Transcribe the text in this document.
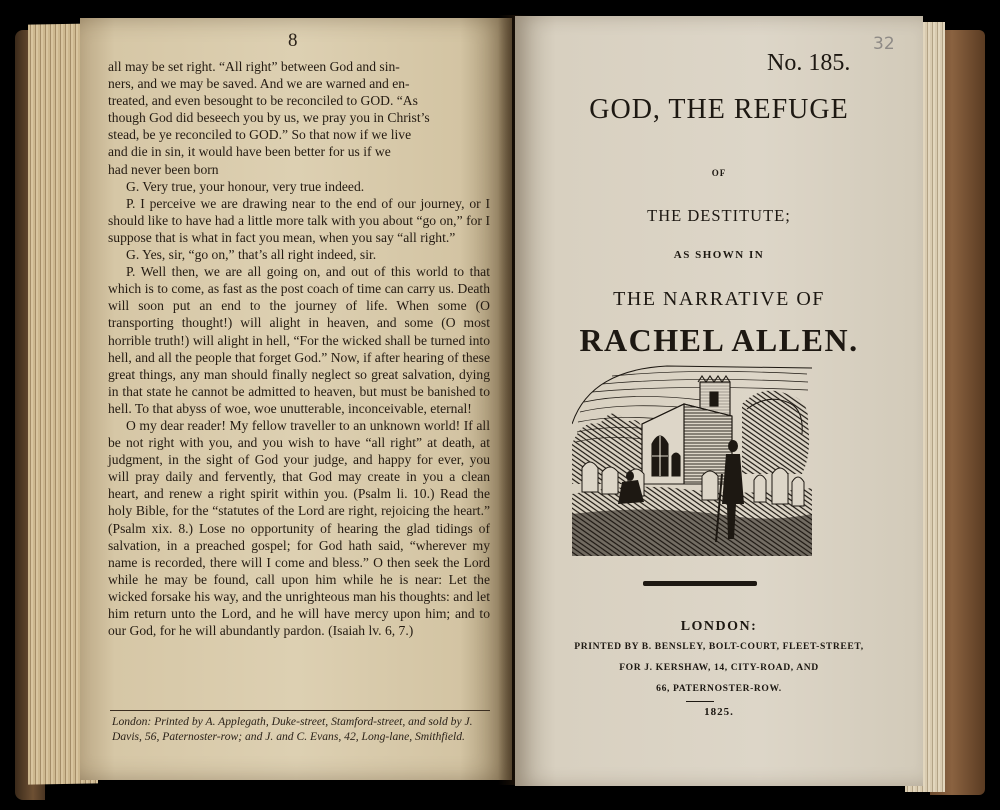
8
all may be set right. “All right” between God and sin-
ners, and we may be saved. And we are warned and en-
treated, and even besought to be reconciled to GOD. “As
though God did beseech you by us, we pray you in Christ’s
stead, be ye reconciled to GOD.” So that now if we live
and die in sin, it would have been better for us if we
had never been born

G. Very true, your honour, very true indeed.

P. I perceive we are drawing near to the end of our journey, or I should like to have had a little more talk with you about “go on,” for I suppose that is what in fact you mean, when you say “all right.”

G. Yes, sir, “go on,” that’s all right indeed, sir.

P. Well then, we are all going on, and out of this world to that which is to come, as fast as the post coach of time can carry us. Death will soon put an end to the journey of life. When some (O transporting thought!) will alight in heaven, and some (O most horrible truth!) will alight in hell, “For the wicked shall be turned into hell, and all the people that forget God.” Now, if after hearing of these great things, any man should finally neglect so great salvation, dying in that state he cannot be admitted to heaven, but must be banished to hell. To that abyss of woe, woe unutterable, inconceivable, eternal!

O my dear reader! My fellow traveller to an unknown world! If all be not right with you, and you wish to have “all right” at death, at judgment, in the sight of God your judge, and happy for ever, you will pray daily and fervently, that God may create in you a clean heart, and renew a right spirit within you. (Psalm li. 10.) Read the holy Bible, for the “statutes of the Lord are right, rejoicing the heart.” (Psalm xix. 8.) Lose no opportunity of hearing the glad tidings of salvation, in a preached gospel; for God hath said, “wherever my name is recorded, there will I come and bless.” O then seek the Lord while he may be found, call upon him while he is near: Let the wicked forsake his way, and the unrighteous man his thoughts: and let him return unto the Lord, and he will have mercy upon him; and to our God, for he will abundantly pardon. (Isaiah lv. 6, 7.)

London: Printed by A. Applegath, Duke-street, Stamford-street, and sold by J. Davis, 56, Paternoster-row; and J. and C. Evans, 42, Long-lane, Smithfield.
No. 185.
32
GOD, THE REFUGE
OF
THE DESTITUTE;
AS SHOWN IN
THE NARRATIVE OF
RACHEL ALLEN.
LONDON:
PRINTED BY B. BENSLEY, BOLT-COURT, FLEET-STREET,
FOR J. KERSHAW, 14, CITY-ROAD, AND
66, PATERNOSTER-ROW.
1825.
